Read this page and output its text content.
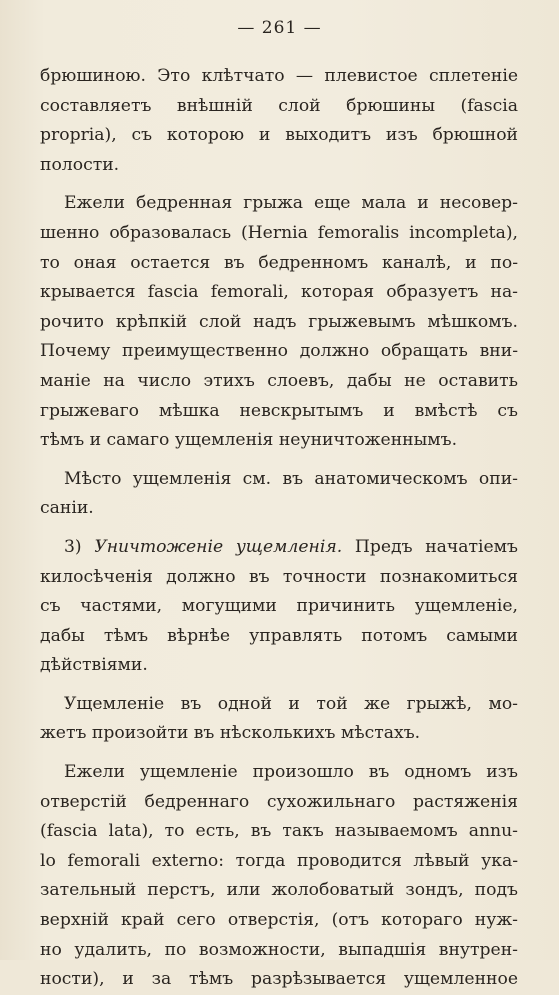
— 261 —
брюшиною. Это клѣтчато — плевистое сплетеніе
составляетъ внѣшній слой брюшины (fascia
proprіа), съ которою и выходитъ изъ брюшной
полости.
Ежели бедренная грыжа еще мала и несовер-
шенно образовалась (Hernia femoralis incompleta),
то оная остается въ бедренномъ каналѣ, и по-
крывается fascia femorali, которая образуетъ на-
рочито крѣпкій слой надъ грыжевымъ мѣшкомъ.
Почему преимущественно должно обращать вни-
маніе на число этихъ слоевъ, дабы не оставить
грыжеваго мѣшка невскрытымъ и вмѣстѣ съ
тѣмъ и самаго ущемленія неуничтоженнымъ.
Мѣсто ущемленія см. въ анатомическомъ опи-
саніи.
3) Уничтоженіе ущемленія. Предъ начатіемъ
килосѣченія должно въ точности познакомиться
съ частями, могущими причинить ущемленіе,
дабы тѣмъ вѣрнѣе управлять потомъ самыми
дѣйствіями.
Ущемленіе въ одной и той же грыжѣ, мо-
жетъ произойти въ нѣсколькихъ мѣстахъ.
Ежели ущемленіе произошло въ одномъ изъ
отверстій бедреннаго сухожильнаго растяженія
(fascia lata), то есть, въ такъ называемомъ annu-
lo femorali externo: тогда проводится лѣвый ука-
зательный перстъ, или жолобоватый зондъ, подъ
верхній край сего отверстія, (отъ котораго нуж-
но удалить, по возможности, выпадшія внутрен-
ности), и за тѣмъ разрѣзывается ущемленное
